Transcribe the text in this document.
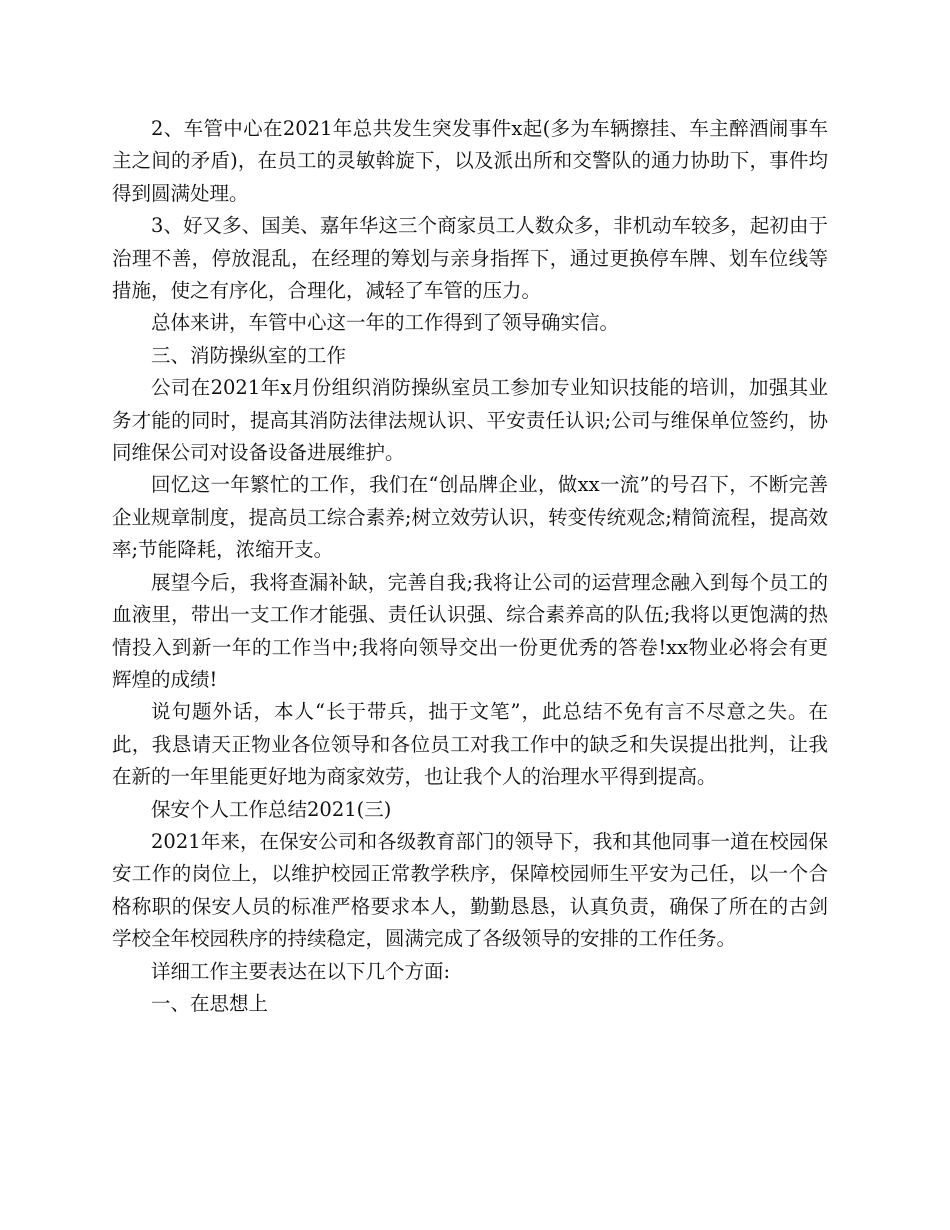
2、车管中心在2021年总共发生突发事件x起(多为车辆擦挂、车主醉酒闹事车主之间的矛盾)，在员工的灵敏斡旋下，以及派出所和交警队的通力协助下，事件均得到圆满处理。

3、好又多、国美、嘉年华这三个商家员工人数众多，非机动车较多，起初由于治理不善，停放混乱，在经理的筹划与亲身指挥下，通过更换停车牌、划车位线等措施，使之有序化，合理化，减轻了车管的压力。

总体来讲，车管中心这一年的工作得到了领导确实信。

三、消防操纵室的工作

公司在2021年x月份组织消防操纵室员工参加专业知识技能的培训，加强其业务才能的同时，提高其消防法律法规认识、平安责任认识;公司与维保单位签约，协同维保公司对设备设备进展维护。

回忆这一年繁忙的工作，我们在“创品牌企业，做xx一流”的号召下，不断完善企业规章制度，提高员工综合素养;树立效劳认识，转变传统观念;精简流程，提高效率;节能降耗，浓缩开支。

展望今后，我将查漏补缺，完善自我;我将让公司的运营理念融入到每个员工的血液里，带出一支工作才能强、责任认识强、综合素养高的队伍;我将以更饱满的热情投入到新一年的工作当中;我将向领导交出一份更优秀的答卷!xx物业必将会有更辉煌的成绩!

说句题外话，本人“长于带兵，拙于文笔”，此总结不免有言不尽意之失。在此，我恳请天正物业各位领导和各位员工对我工作中的缺乏和失误提出批判，让我在新的一年里能更好地为商家效劳，也让我个人的治理水平得到提高。

保安个人工作总结2021(三)

2021年来，在保安公司和各级教育部门的领导下，我和其他同事一道在校园保安工作的岗位上，以维护校园正常教学秩序，保障校园师生平安为己任，以一个合格称职的保安人员的标准严格要求本人，勤勤恳恳，认真负责，确保了所在的古剑学校全年校园秩序的持续稳定，圆满完成了各级领导的安排的工作任务。

详细工作主要表达在以下几个方面:

一、在思想上
